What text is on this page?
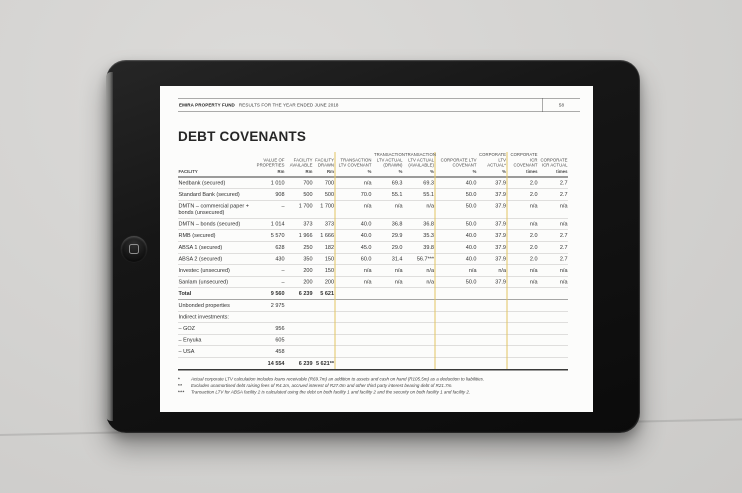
EMIRA PROPERTY FUND RESULTS FOR THE YEAR ENDED JUNE 2018	58
DEBT COVENANTS
	VALUE OF PROPERTIES	FACILITY AVAILABLE	FACILITY DRAWN	TRANSACTION LTV COVENANT	TRANSACTION LTV ACTUAL (DRAWN)	TRANSACTION LTV ACTUAL (AVAILABLE)	CORPORATE LTV COVENANT	CORPORATE LTV ACTUAL*	CORPORATE ICR COVENANT	CORPORATE ICR ACTUAL
FACILITY	Rm	Rm	Rm	%	%	%	%	%	times	times
Nedbank (secured)	1 010	700	700	n/a	69.3	69.3	40.0	37.9	2.0	2.7
Standard Bank (secured)	908	500	500	70.0	55.1	55.1	50.0	37.9	2.0	2.7
DMTN – commercial paper + bonds (unsecured)	–	1 700	1 700	n/a	n/a	n/a	50.0	37.9	n/a	n/a
DMTN – bonds (secured)	1 014	373	373	40.0	36.8	36.8	50.0	37.9	n/a	n/a
RMB (secured)	5 570	1 966	1 666	40.0	29.9	35.3	40.0	37.9	2.0	2.7
ABSA 1 (secured)	628	250	182	45.0	29.0	39.8	40.0	37.9	2.0	2.7
ABSA 2 (secured)	430	350	150	60.0	31.4	56.7***	40.0	37.9	2.0	2.7
Investec (unsecured)	–	200	150	n/a	n/a	n/a	n/a	n/a	n/a	n/a
Sanlam (unsecured)	–	200	200	n/a	n/a	n/a	50.0	37.9	n/a	n/a
Total	9 560	6 239	5 621							
Unbonded properties	2 975									
Indirect investments:										
– GOZ	956									
– Enyuka	605									
– USA	458									
	14 554	6 239	5 621**							
*	Actual corporate LTV calculation includes loans receivable (R69.7m) an addition to assets and cash on hand (R105.5m) as a deduction to liabilities.
** Excludes unamortised debt raising fees of R4.1m, accrued interest of R27.0m and other third party interest bearing debt of R21.7m.
*** Transaction LTV for ABSA facility 2 is calculated using the debt on both facility 1 and facility 2 and the security on both facility 1 and facility 2.
